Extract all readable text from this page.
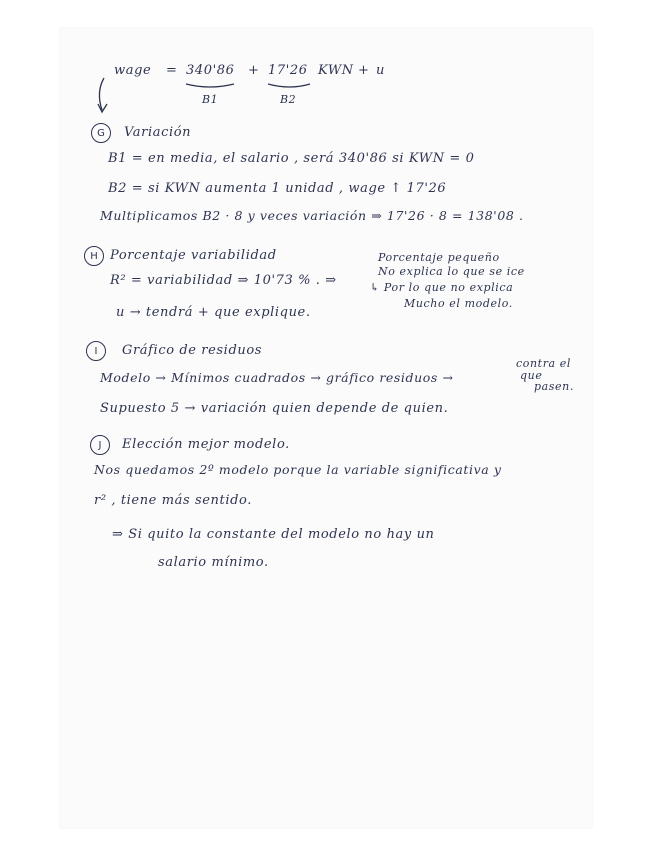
wage = 340'86 + 17'26 KWN + u
B1	B2
G	Variación
B1 = en media, el salario , será 340'86 si KWN = 0
B2 = si KWN aumenta 1 unidad , wage ↑ 17'26
Multiplicamos B2 · 8 y veces variación ⇒ 17'26 · 8 = 138'08 .
H Porcentaje variabilidad
R² = variabilidad ⇒ 10'73 % . ⇒
Porcentaje pequeño
No explica lo que se ice
↳ Por lo que no explica
Mucho el modelo.
u → tendrá + que explique.
I	Gráfico de residuos
Modelo → Mínimos cuadrados → gráfico residuos →
contra el
que
pasen.
Supuesto 5 → variación quien depende de quien.
J	Elección mejor modelo.
Nos quedamos 2º modelo porque la variable significativa y
r² , tiene más sentido.
⇒ Si quito la constante del modelo no hay un
salario mínimo.
